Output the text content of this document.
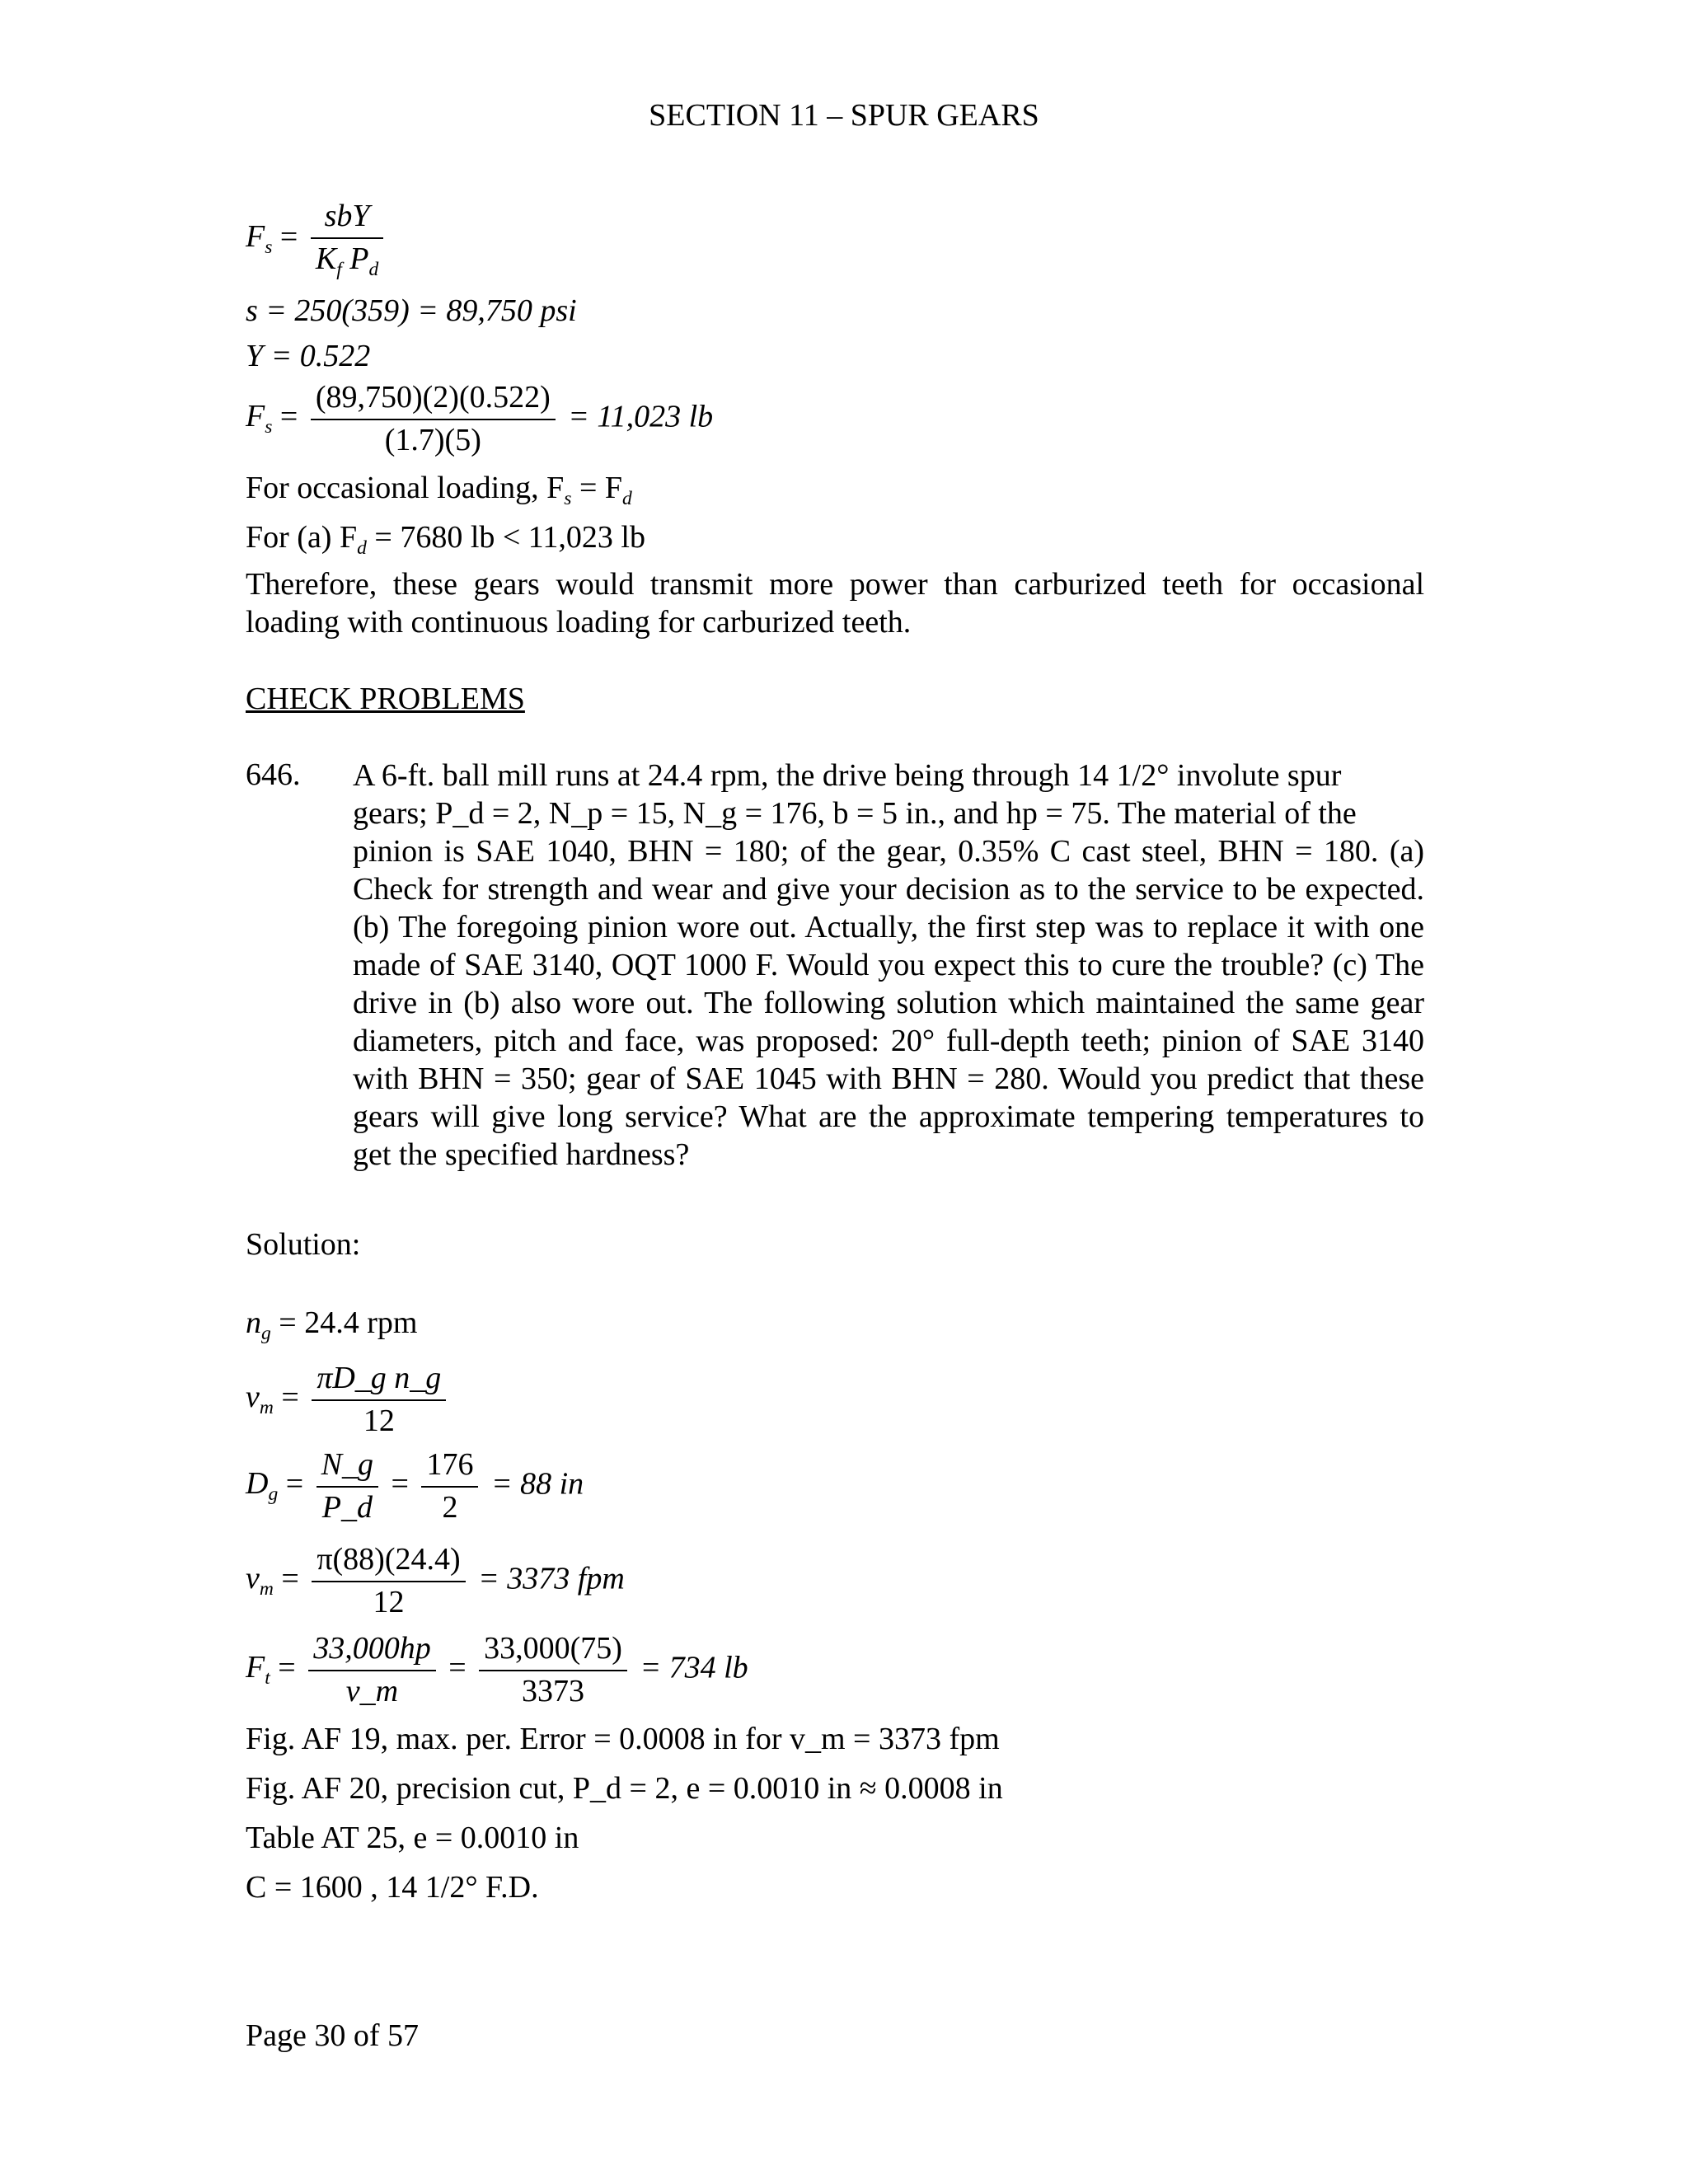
SECTION 11 – SPUR GEARS
$F_s = \frac{\text{sbY}}{K_f P_d}$
s = 250(359) = 89,750 psi
Y = 0.522
$F_s = \frac{(89,750)(2)(0.522)}{(1.7)(5)} = 11,023$ lb
For occasional loading, $F_s = F_d$
For (a) $F_d = 7680$ lb < 11,023 lb
Therefore, these gears would transmit more power than carburized teeth for occasional loading with continuous loading for carburized teeth.
CHECK PROBLEMS
646. A 6-ft. ball mill runs at 24.4 rpm, the drive being through 14 1/2° involute spur
gears; P_d = 2, N_p = 15, N_g = 176, b = 5 in., and hp = 75. The material of the
pinion is SAE 1040, BHN = 180; of the gear, 0.35% C cast steel, BHN = 180. (a) Check for strength and wear and give your decision as to the service to be expected. (b) The foregoing pinion wore out. Actually, the first step was to replace it with one made of SAE 3140, OQT 1000 F. Would you expect this to cure the trouble? (c) The drive in (b) also wore out. The following solution which maintained the same gear diameters, pitch and face, was proposed: 20° full-depth teeth; pinion of SAE 3140 with BHN = 350; gear of SAE 1045 with BHN = 280. Would you predict that these gears will give long service? What are the approximate tempering temperatures to get the specified hardness?
Solution:
$n_g = 24.4$ rpm
$v_m = \frac{\text{πD\_g n\_g}}{12}$
$D_g = \frac{N\_g}{P\_d} = \frac{176}{2} = 88$ in
$v_m = \frac{\pi(88)(24.4)}{12} = 3373$ fpm
$F_t = \frac{33,000hp}{v\_m} = \frac{33,000(75)}{3373} = 734$ lb
Fig. AF 19, max. per. Error = 0.0008 in for v_m = 3373 fpm
Fig. AF 20, precision cut, P_d = 2, e = 0.0010 in ≈ 0.0008 in
Table AT 25, e = 0.0010 in
C = 1600 , 14 1/2° F.D.
Page 30 of 57
